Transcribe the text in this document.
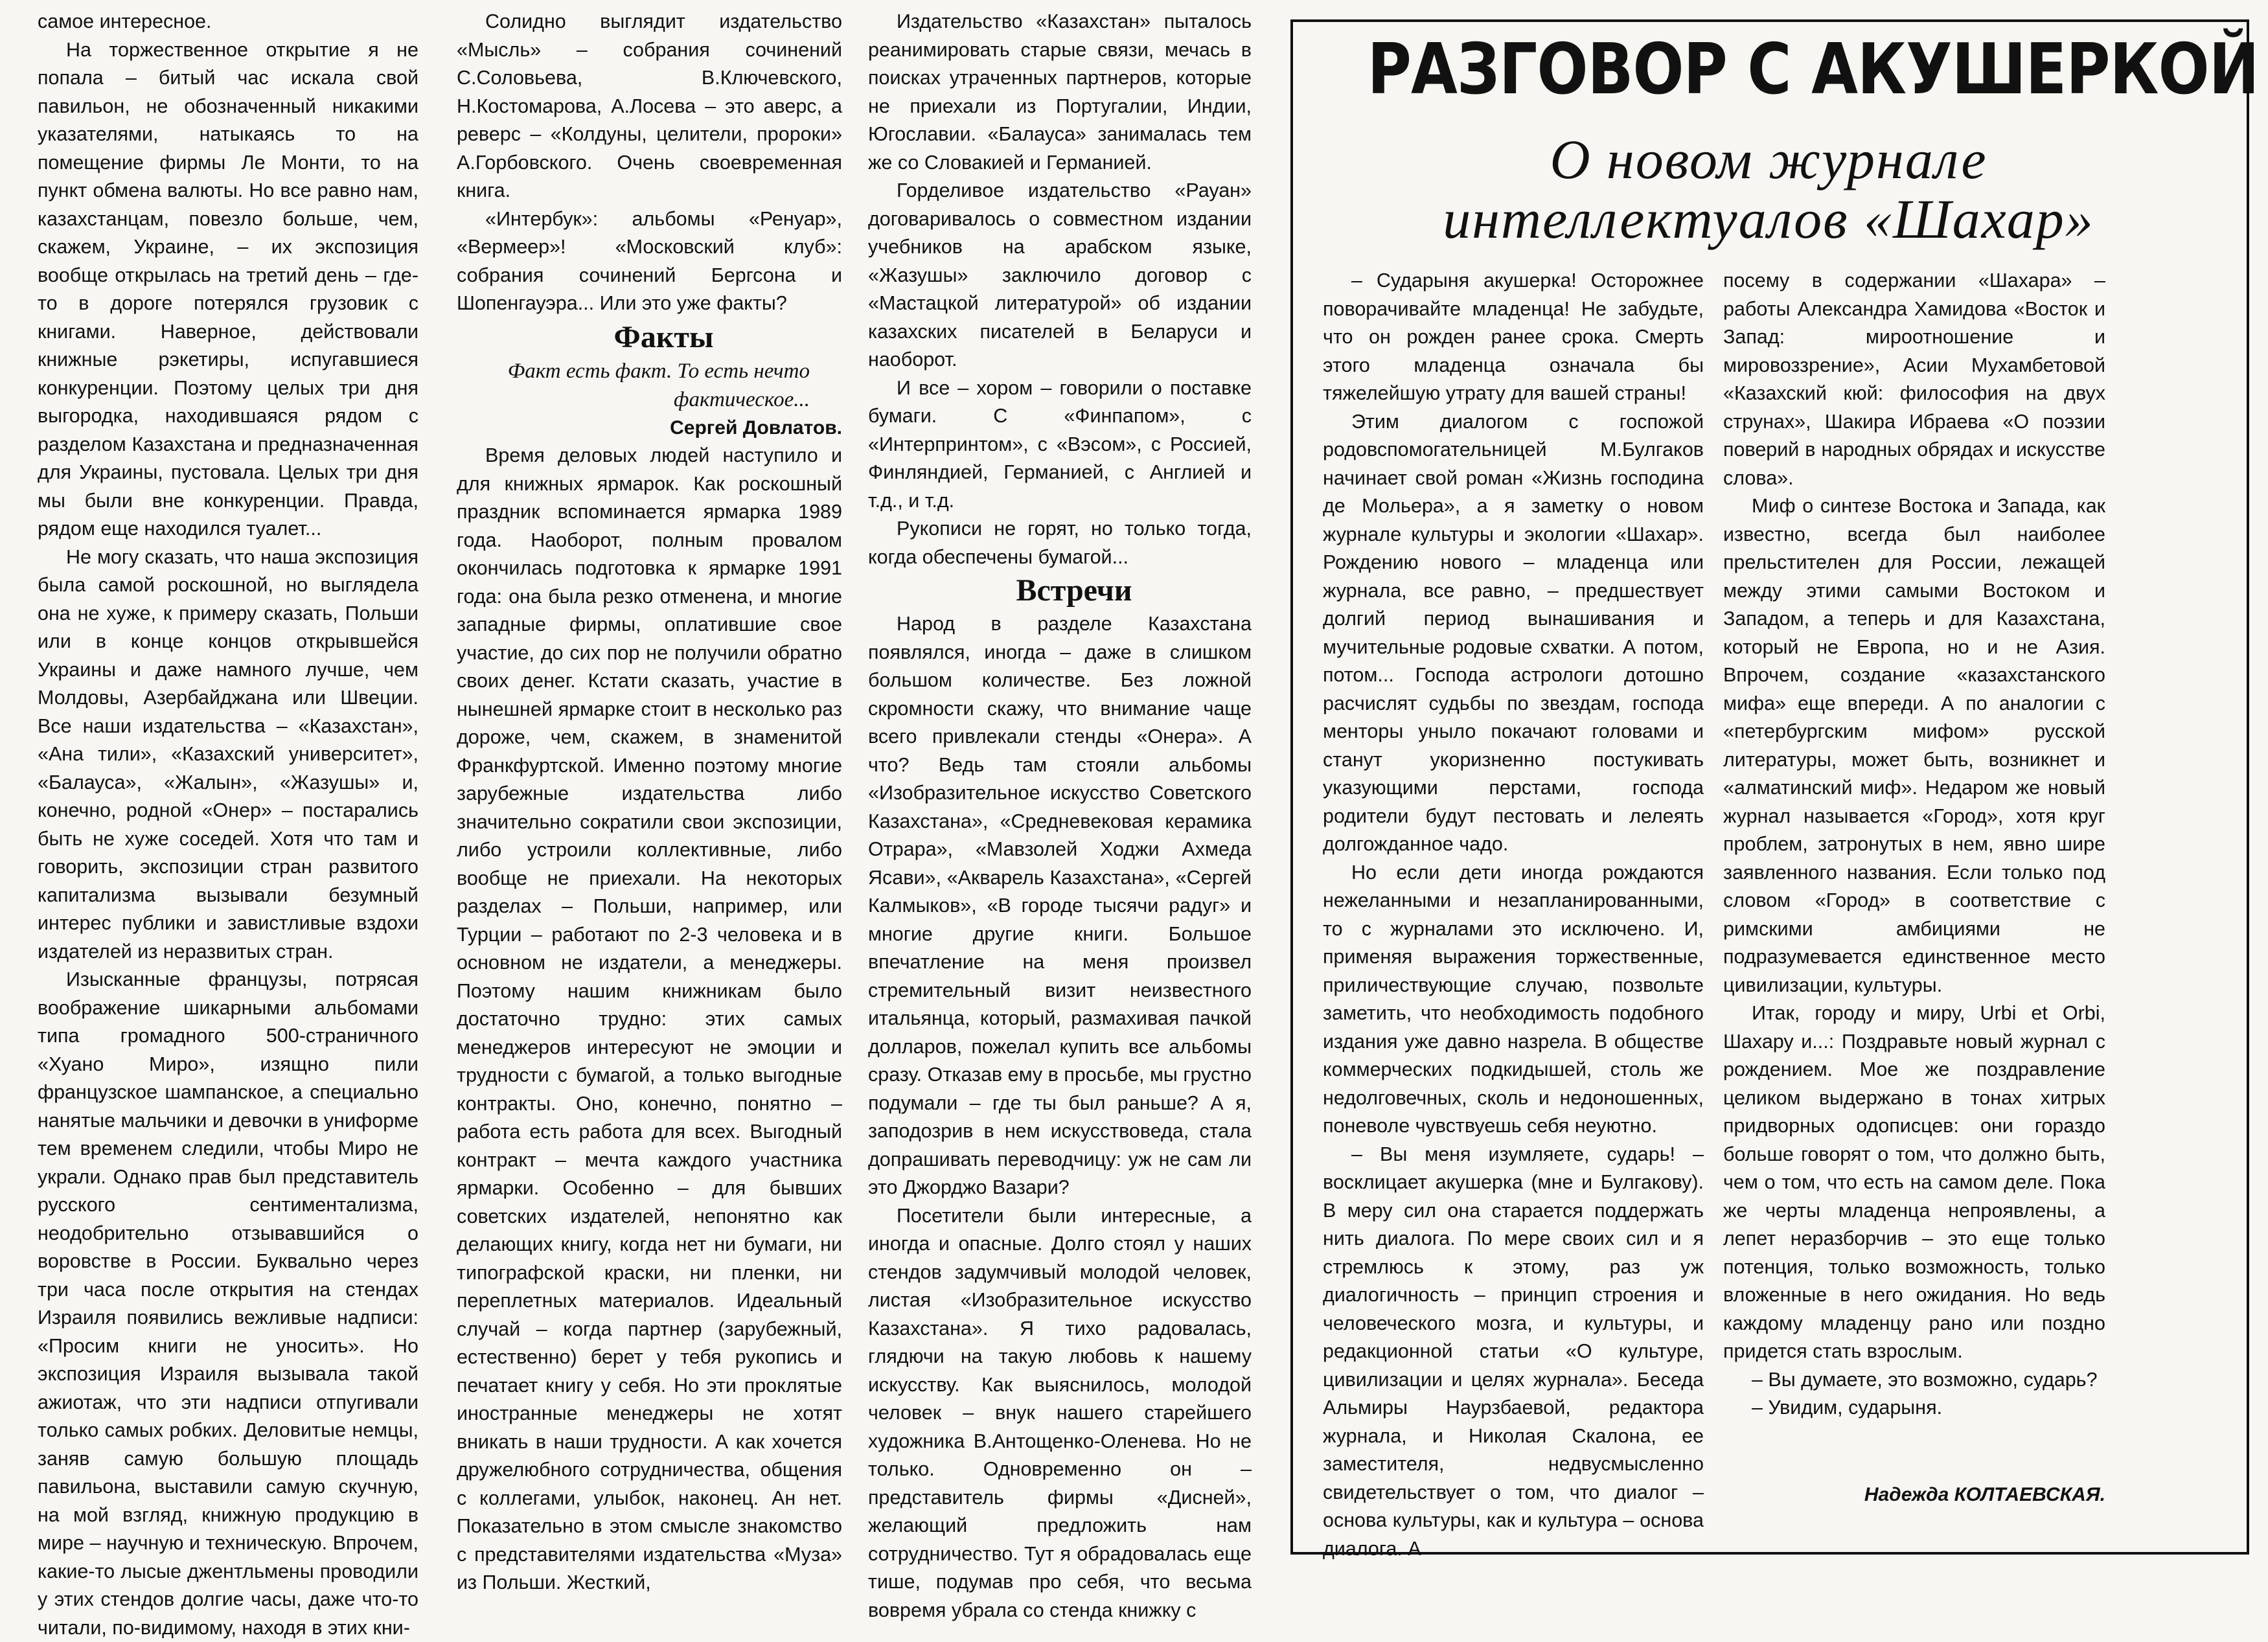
самое интересное.

На торжественное открытие я не попала – битый час искала свой павильон, не обозначенный никакими указателями, натыкаясь то на помещение фирмы Ле Монти, то на пункт обмена валюты. Но все равно нам, казахстанцам, повезло больше, чем, скажем, Украине, – их экспозиция вообще открылась на третий день – где-то в дороге потерялся грузовик с книгами. Наверное, действовали книжные рэкетиры, испугавшиеся конкуренции. Поэтому целых три дня выгородка, находившаяся рядом с разделом Казахстана и предназначенная для Украины, пустовала. Целых три дня мы были вне конкуренции. Правда, рядом еще находился туалет...

Не могу сказать, что наша экспозиция была самой роскошной, но выглядела она не хуже, к примеру сказать, Польши или в конце концов открывшейся Украины и даже намного лучше, чем Молдовы, Азербайджана или Швеции. Все наши издательства – «Казахстан», «Ана тили», «Казахский университет», «Балауса», «Жалын», «Жазушы» и, конечно, родной «Онер» – постарались быть не хуже соседей. Хотя что там и говорить, экспозиции стран развитого капитализма вызывали безумный интерес публики и завистливые вздохи издателей из неразвитых стран.

Изысканные французы, потрясая воображение шикарными альбомами типа громадного 500-страничного «Хуано Миро», изящно пили французское шампанское, а специально нанятые мальчики и девочки в униформе тем временем следили, чтобы Миро не украли. Однако прав был представитель русского сентиментализма, неодобрительно отзывавшийся о воровстве в России. Буквально через три часа после открытия на стендах Израиля появились вежливые надписи: «Просим книги не уносить». Но экспозиция Израиля вызывала такой ажиотаж, что эти надписи отпугивали только самых робких. Деловитые немцы, заняв самую большую площадь павильона, выставили самую скучную, на мой взгляд, книжную продукцию в мире – научную и техническую. Впрочем, какие-то лысые джентльмены проводили у этих стендов долгие часы, даже что-то читали, по-видимому, находя в этих кни-

Солидно выглядит издательство «Мысль» – собрания сочинений С.Соловьева, В.Ключевского, Н.Костомарова, А.Лосева – это аверс, а реверс – «Колдуны, целители, пророки» А.Горбовского. Очень своевременная книга.

«Интербук»: альбомы «Ренуар», «Вермеер»! «Московский клуб»: собрания сочинений Бергсона и Шопенгауэра... Или это уже факты?

Факты

Факт есть факт. То есть нечто фактическое...

Сергей Довлатов.

Время деловых людей наступило и для книжных ярмарок. Как роскошный праздник вспоминается ярмарка 1989 года. Наоборот, полным провалом окончилась подготовка к ярмарке 1991 года: она была резко отменена, и многие западные фирмы, оплатившие свое участие, до сих пор не получили обратно своих денег. Кстати сказать, участие в нынешней ярмарке стоит в несколько раз дороже, чем, скажем, в знаменитой Франкфуртской. Именно поэтому многие зарубежные издательства либо значительно сократили свои экспозиции, либо устроили коллективные, либо вообще не приехали. На некоторых разделах – Польши, например, или Турции – работают по 2-3 человека и в основном не издатели, а менеджеры. Поэтому нашим книжникам было достаточно трудно: этих самых менеджеров интересуют не эмоции и трудности с бумагой, а только выгодные контракты. Оно, конечно, понятно – работа есть работа для всех. Выгодный контракт – мечта каждого участника ярмарки. Особенно – для бывших советских издателей, непонятно как делающих книгу, когда нет ни бумаги, ни типографской краски, ни пленки, ни переплетных материалов. Идеальный случай – когда партнер (зарубежный, естественно) берет у тебя рукопись и печатает книгу у себя. Но эти проклятые иностранные менеджеры не хотят вникать в наши трудности. А как хочется дружелюбного сотрудничества, общения с коллегами, улыбок, наконец. Ан нет. Показательно в этом смысле знакомство с представителями издательства «Муза» из Польши. Жесткий,

Издательство «Казахстан» пыталось реанимировать старые связи, мечась в поисках утраченных партнеров, которые не приехали из Португалии, Индии, Югославии. «Балауса» занималась тем же со Словакией и Германией.

Горделивое издательство «Рауан» договаривалось о совместном издании учебников на арабском языке, «Жазушы» заключило договор с «Мастацкой литературой» об издании казахских писателей в Беларуси и наоборот.

И все – хором – говорили о поставке бумаги. С «Финпапом», с «Интерпринтом», с «Вэсом», с Россией, Финляндией, Германией, с Англией и т.д., и т.д.

Рукописи не горят, но только тогда, когда обеспечены бумагой...

Встречи

Народ в разделе Казахстана появлялся, иногда – даже в слишком большом количестве. Без ложной скромности скажу, что внимание чаще всего привлекали стенды «Онера». А что? Ведь там стояли альбомы «Изобразительное искусство Советского Казахстана», «Средневековая керамика Отрара», «Мавзолей Ходжи Ахмеда Ясави», «Акварель Казахстана», «Сергей Калмыков», «В городе тысячи радуг» и многие другие книги. Большое впечатление на меня произвел стремительный визит неизвестного итальянца, который, размахивая пачкой долларов, пожелал купить все альбомы сразу. Отказав ему в просьбе, мы грустно подумали – где ты был раньше? А я, заподозрив в нем искусствоведа, стала допрашивать переводчицу: уж не сам ли это Джорджо Вазари?

Посетители были интересные, а иногда и опасные. Долго стоял у наших стендов задумчивый молодой человек, листая «Изобразительное искусство Казахстана». Я тихо радовалась, глядючи на такую любовь к нашему искусству. Как выяснилось, молодой человек – внук нашего старейшего художника В.Антощенко-Оленева. Но не только. Одновременно он – представитель фирмы «Дисней», желающий предложить нам сотрудничество. Тут я обрадовалась еще тише, подумав про себя, что весьма вовремя убрала со стенда книжку с

РАЗГОВОР С АКУШЕРКОЙ
О новом журнале
интеллектуалов «Шахар»

– Сударыня акушерка! Осторожнее поворачивайте младенца! Не забудьте, что он рожден ранее срока. Смерть этого младенца означала бы тяжелейшую утрату для вашей страны!

Этим диалогом с госпожой родовспомогательницей М.Булгаков начинает свой роман «Жизнь господина де Мольера», а я заметку о новом журнале культуры и экологии «Шахар». Рождению нового – младенца или журнала, все равно, – предшествует долгий период вынашивания и мучительные родовые схватки. А потом, потом... Господа астрологи дотошно расчислят судьбы по звездам, господа менторы уныло покачают головами и станут укоризненно постукивать указующими перстами, господа родители будут пестовать и лелеять долгожданное чадо.

Но если дети иногда рождаются нежеланными и незапланированными, то с журналами это исключено. И, применяя выражения торжественные, приличествующие случаю, позвольте заметить, что необходимость подобного издания уже давно назрела. В обществе коммерческих подкидышей, столь же недолговечных, сколь и недоношенных, поневоле чувствуешь себя неуютно.

– Вы меня изумляете, сударь! – восклицает акушерка (мне и Булгакову). В меру сил она старается поддержать нить диалога. По мере своих сил и я стремлюсь к этому, раз уж диалогичность – принцип строения и человеческого мозга, и культуры, и редакционной статьи «О культуре, цивилизации и целях журнала». Беседа Альмиры Наурзбаевой, редактора журнала, и Николая Скалона, ее заместителя, недвусмысленно свидетельствует о том, что диалог – основа культуры, как и культура – основа диалога. А

посему в содержании «Шахара» – работы Александра Хамидова «Восток и Запад: мироотношение и мировоззрение», Асии Мухамбетовой «Казахский кюй: философия на двух струнах», Шакира Ибраева «О поэзии поверий в народных обрядах и искусстве слова».

Миф о синтезе Востока и Запада, как известно, всегда был наиболее прельстителен для России, лежащей между этими самыми Востоком и Западом, а теперь и для Казахстана, который не Европа, но и не Азия. Впрочем, создание «казахстанского мифа» еще впереди. А по аналогии с «петербургским мифом» русской литературы, может быть, возникнет и «алматинский миф». Недаром же новый журнал называется «Город», хотя круг проблем, затронутых в нем, явно шире заявленного названия. Если только под словом «Город» в соответствие с римскими амбициями не подразумевается единственное место цивилизации, культуры.

Итак, городу и миру, Urbi et Orbi, Шахару и...: Поздравьте новый журнал с рождением. Мое же поздравление целиком выдержано в тонах хитрых придворных одописцев: они гораздо больше говорят о том, что должно быть, чем о том, что есть на самом деле. Пока же черты младенца непроявлены, а лепет неразборчив – это еще только потенция, только возможность, только вложенные в него ожидания. Но ведь каждому младенцу рано или поздно придется стать взрослым.

– Вы думаете, это возможно, сударь?

– Увидим, сударыня.

Надежда КОЛТАЕВСКАЯ.
